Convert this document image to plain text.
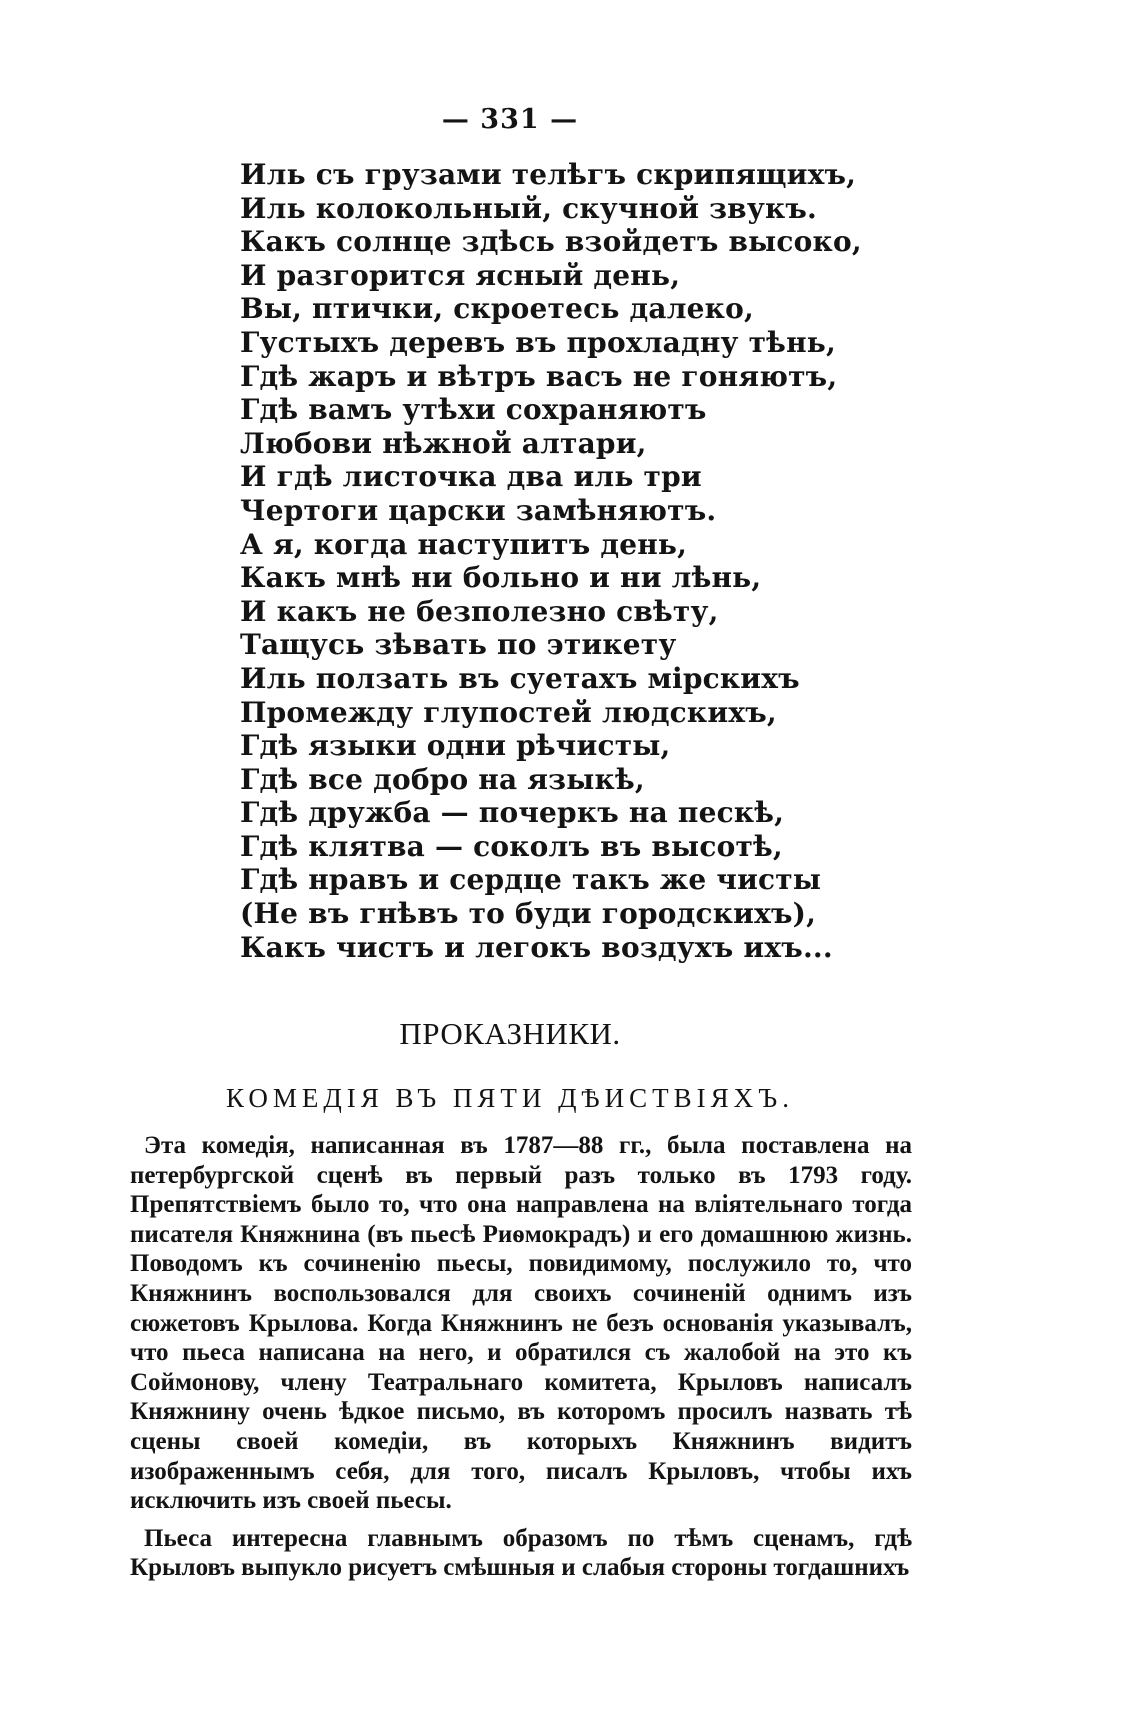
— 331 —
Иль съ грузами телѣгъ скрипящихъ,
Иль колокольный, скучной звукъ.
Какъ солнце здѣсь взойдетъ высоко,
И разгорится ясный день,
Вы, птички, скроетесь далеко,
Густыхъ деревъ въ прохладну тѣнь,
Гдѣ жаръ и вѣтръ васъ не гоняютъ,
Гдѣ вамъ утѣхи сохраняютъ
Любови нѣжной алтари,
И гдѣ листочка два иль три
Чертоги царски замѣняютъ.
А я, когда наступитъ день,
Какъ мнѣ ни больно и ни лѣнь,
И какъ не безполезно свѣту,
Тащусь зѣвать по этикету
Иль ползать въ суетахъ мірскихъ
Промежду глупостей людскихъ,
Гдѣ языки одни рѣчисты,
Гдѣ все добро на языкѣ,
Гдѣ дружба — почеркъ на пескѣ,
Гдѣ клятва — соколъ въ высотѣ,
Гдѣ нравъ и сердце такъ же чисты
(Не въ гнѣвъ то буди городскихъ),
Какъ чистъ и легокъ воздухъ ихъ...
ПРОКАЗНИКИ.
КОМЕДІЯ ВЪ ПЯТИ ДѢИСТВІЯХЪ.

Эта комедія, написанная въ 1787—88 гг., была поставлена на петербургской сценѣ въ первый разъ только въ 1793 году. Препятствіемъ было то, что она направлена на вліятельнаго тогда писателя Княжнина (въ пьесѣ Риѳмокрадъ) и его домашнюю жизнь. Поводомъ къ сочиненію пьесы, повидимому, послужило то, что Княжнинъ воспользовался для своихъ сочиненій однимъ изъ сюжетовъ Крылова. Когда Княжнинъ не безъ основанія указывалъ, что пьеса написана на него, и обратился съ жалобой на это къ Соймонову, члену Театральнаго комитета, Крыловъ написалъ Княжнину очень ѣдкое письмо, въ которомъ просилъ назвать тѣ сцены своей комедіи, въ которыхъ Княжнинъ видитъ изображеннымъ себя, для того, писалъ Крыловъ, чтобы ихъ исключить изъ своей пьесы.

Пьеса интересна главнымъ образомъ по тѣмъ сценамъ, гдѣ Крыловъ выпукло рисуетъ смѣшныя и слабыя стороны тогдашнихъ
